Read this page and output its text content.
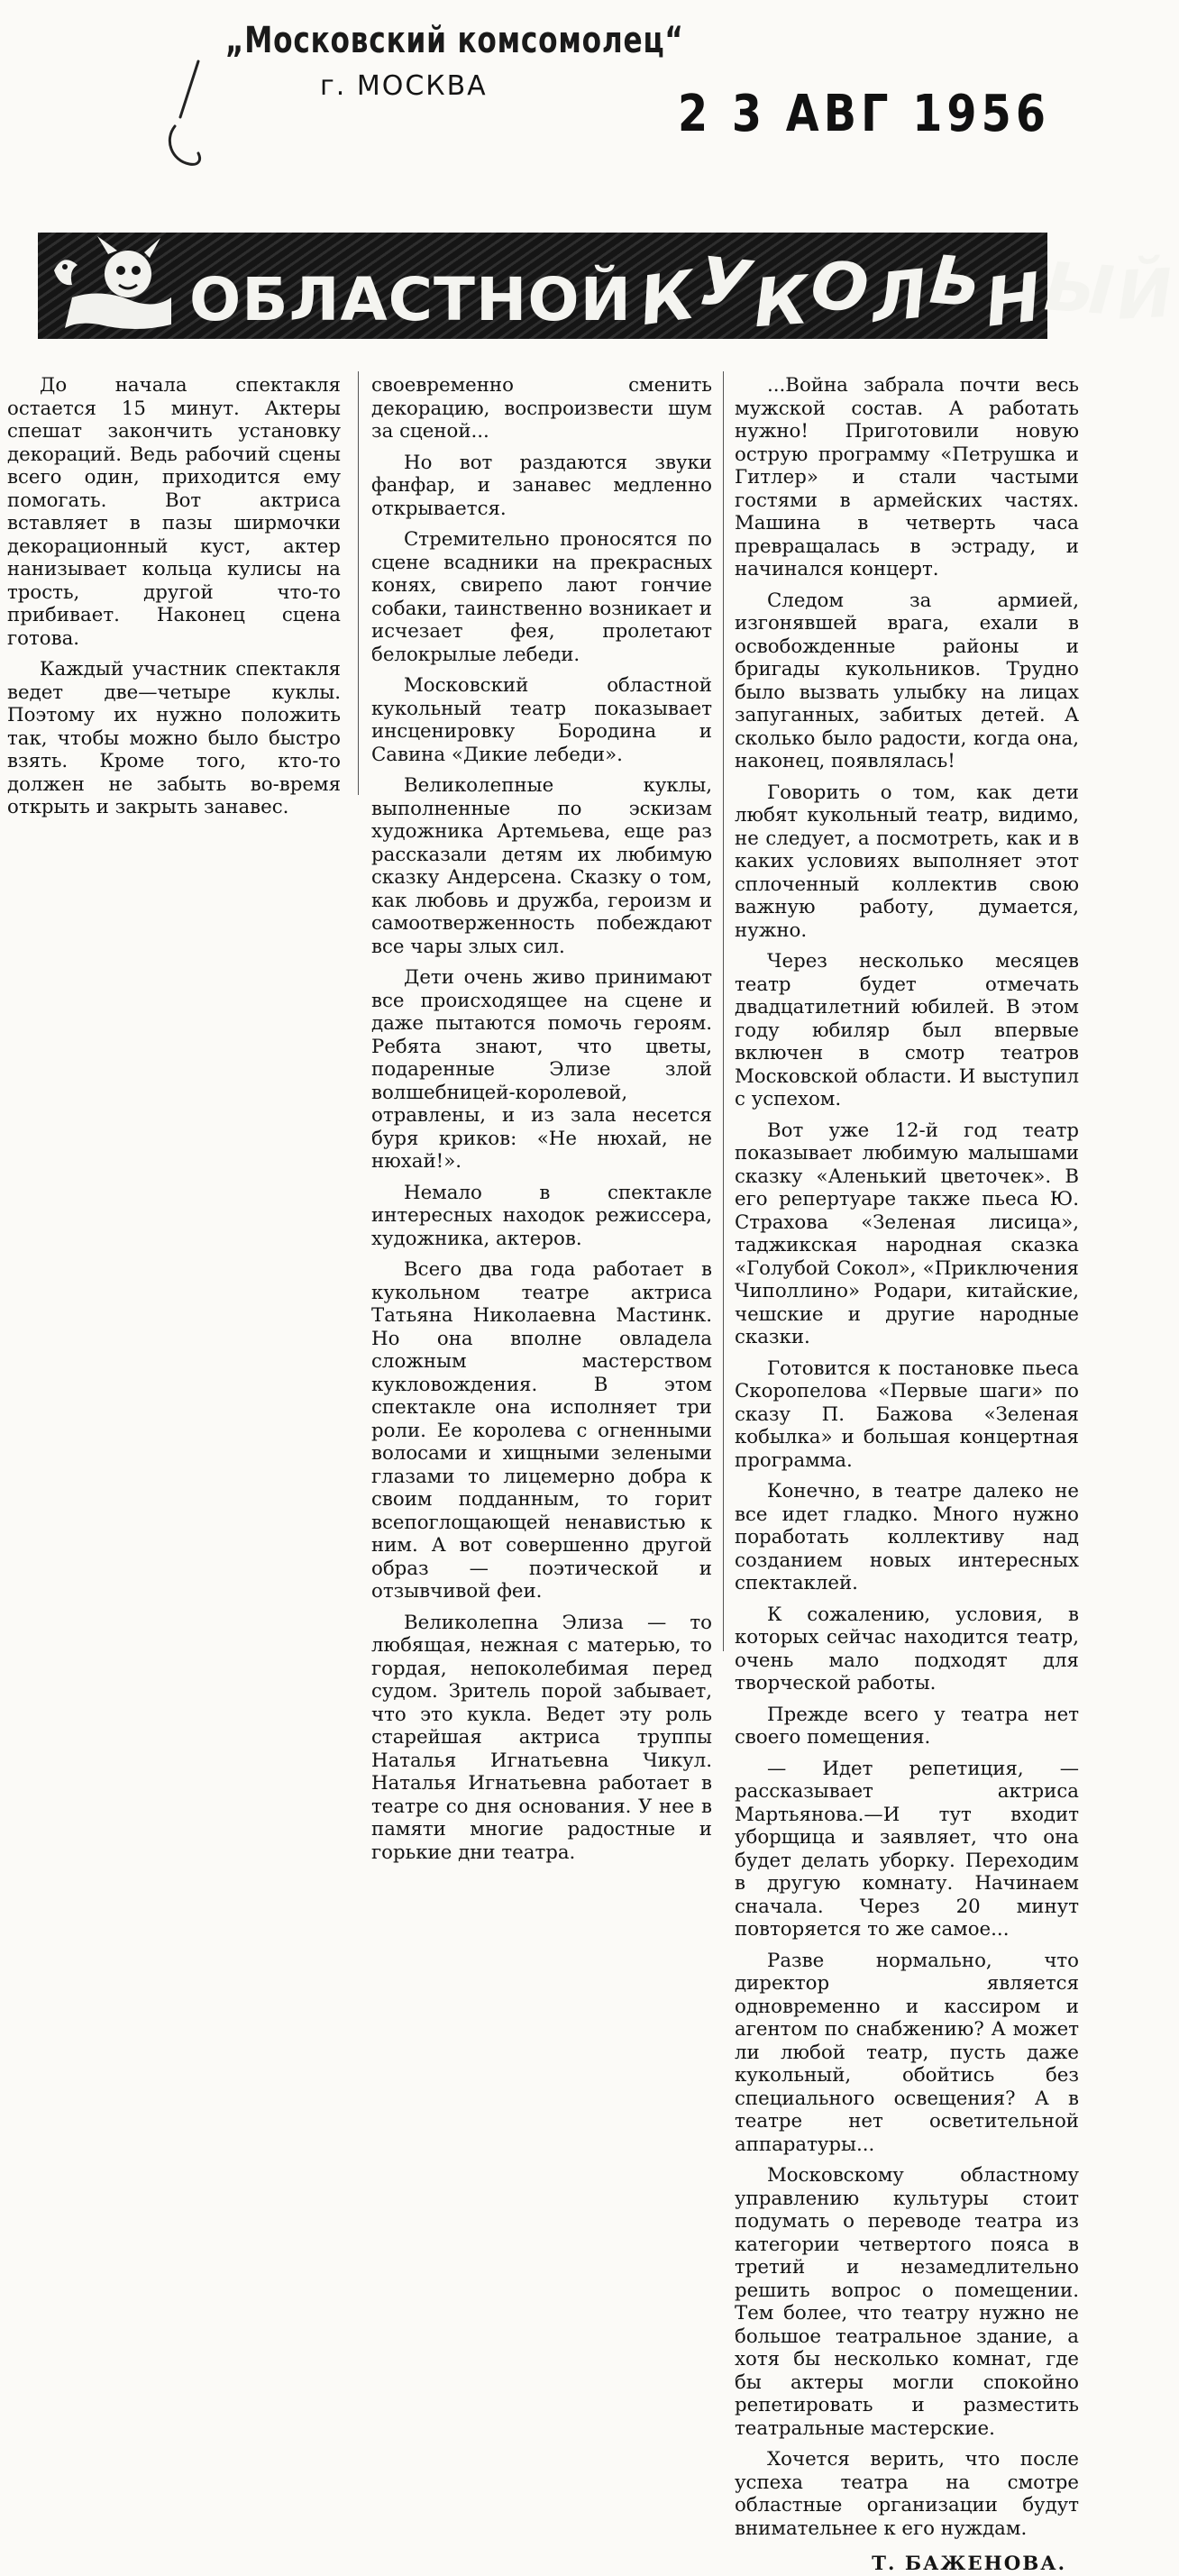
„Московский комсомолец“
г. МОСКВА	2 3 АВГ 1956
ОБЛАСТНОЙ КУКОЛЬНЫЙ

До начала спектакля остается 15 минут. Актеры спешат закончить установку декораций. Ведь рабочий сцены всего один, приходится ему помогать. Вот актриса вставляет в пазы ширмочки декорационный куст, актер нанизывает кольца кулисы на трость, другой что-то прибивает. Наконец сцена готова.

Каждый участник спектакля ведет две—четыре куклы. Поэтому их нужно положить так, чтобы можно было быстро взять. Кроме того, кто-то должен не забыть во-время открыть и закрыть занавес.

своевременно сменить декорацию, воспроизвести шум за сценой...

Но вот раздаются звуки фанфар, и занавес медленно открывается.

Стремительно проносятся по сцене всадники на прекрасных конях, свирепо лают гончие собаки, таинственно возникает и исчезает фея, пролетают белокрылые лебеди.

Московский областной кукольный театр показывает инсценировку Бородина и Савина «Дикие лебеди».

Великолепные куклы, выполненные по эскизам художника Артемьева, еще раз рассказали детям их любимую сказку Андерсена. Сказку о том, как любовь и дружба, героизм и самоотверженность побеждают все чары злых сил.

Дети очень живо принимают все происходящее на сцене и даже пытаются помочь героям. Ребята знают, что цветы, подаренные Элизе злой волшебницей-королевой, отравлены, и из зала несется буря криков: «Не нюхай, не нюхай!».

Немало в спектакле интересных находок режиссера, художника, актеров.

Всего два года работает в кукольном театре актриса Татьяна Николаевна Мастинк. Но она вполне овладела сложным мастерством кукловождения. В этом спектакле она исполняет три роли. Ее королева с огненными волосами и хищными зелеными глазами то лицемерно добра к своим подданным, то горит всепоглощающей ненавистью к ним. А вот совершенно другой образ — поэтической и отзывчивой феи.

Великолепна Элиза — то любящая, нежная с матерью, то гордая, непоколебимая перед судом. Зритель порой забывает, что это кукла. Ведет эту роль старейшая актриса труппы Наталья Игнатьевна Чикул. Наталья Игнатьевна работает в театре со дня основания. У нее в памяти многие радостные и горькие дни театра.

...Война забрала почти весь мужской состав. А работать нужно! Приготовили новую острую программу «Петрушка и Гитлер» и стали частыми гостями в армейских частях. Машина в четверть часа превращалась в эстраду, и начинался концерт.

Следом за армией, изгонявшей врага, ехали в освобожденные районы и бригады кукольников. Трудно было вызвать улыбку на лицах запуганных, забитых детей. А сколько было радости, когда она, наконец, появлялась!

Говорить о том, как дети любят кукольный театр, видимо, не следует, а посмотреть, как и в каких условиях выполняет этот сплоченный коллектив свою важную работу, думается, нужно.

Через несколько месяцев театр будет отмечать двадцатилетний юбилей. В этом году юбиляр был впервые включен в смотр театров Московской области. И выступил с успехом.

Вот уже 12-й год театр показывает любимую малышами сказку «Аленький цветочек». В его репертуаре также пьеса Ю. Страхова «Зеленая лисица», таджикская народная сказка «Голубой Сокол», «Приключения Чиполлино» Родари, китайские, чешские и другие народные сказки.

Готовится к постановке пьеса Скоропелова «Первые шаги» по сказу П. Бажова «Зеленая кобылка» и большая концертная программа.

Конечно, в театре далеко не все идет гладко. Много нужно поработать коллективу над созданием новых интересных спектаклей.

К сожалению, условия, в которых сейчас находится театр, очень мало подходят для творческой работы.

Прежде всего у театра нет своего помещения.

— Идет репетиция, — рассказывает актриса Мартьянова.—И тут входит уборщица и заявляет, что она будет делать уборку. Переходим в другую комнату. Начинаем сначала. Через 20 минут повторяется то же самое...

Разве нормально, что директор является одновременно и кассиром и агентом по снабжению? А может ли любой театр, пусть даже кукольный, обойтись без специального освещения? А в театре нет осветительной аппаратуры...

Московскому областному управлению культуры стоит подумать о переводе театра из категории четвертого пояса в третий и незамедлительно решить вопрос о помещении. Тем более, что театру нужно не большое театральное здание, а хотя бы несколько комнат, где бы актеры могли спокойно репетировать и разместить театральные мастерские.

Хочется верить, что после успеха театра на смотре областные организации будут внимательнее к его нуждам.

Т. БАЖЕНОВА.
